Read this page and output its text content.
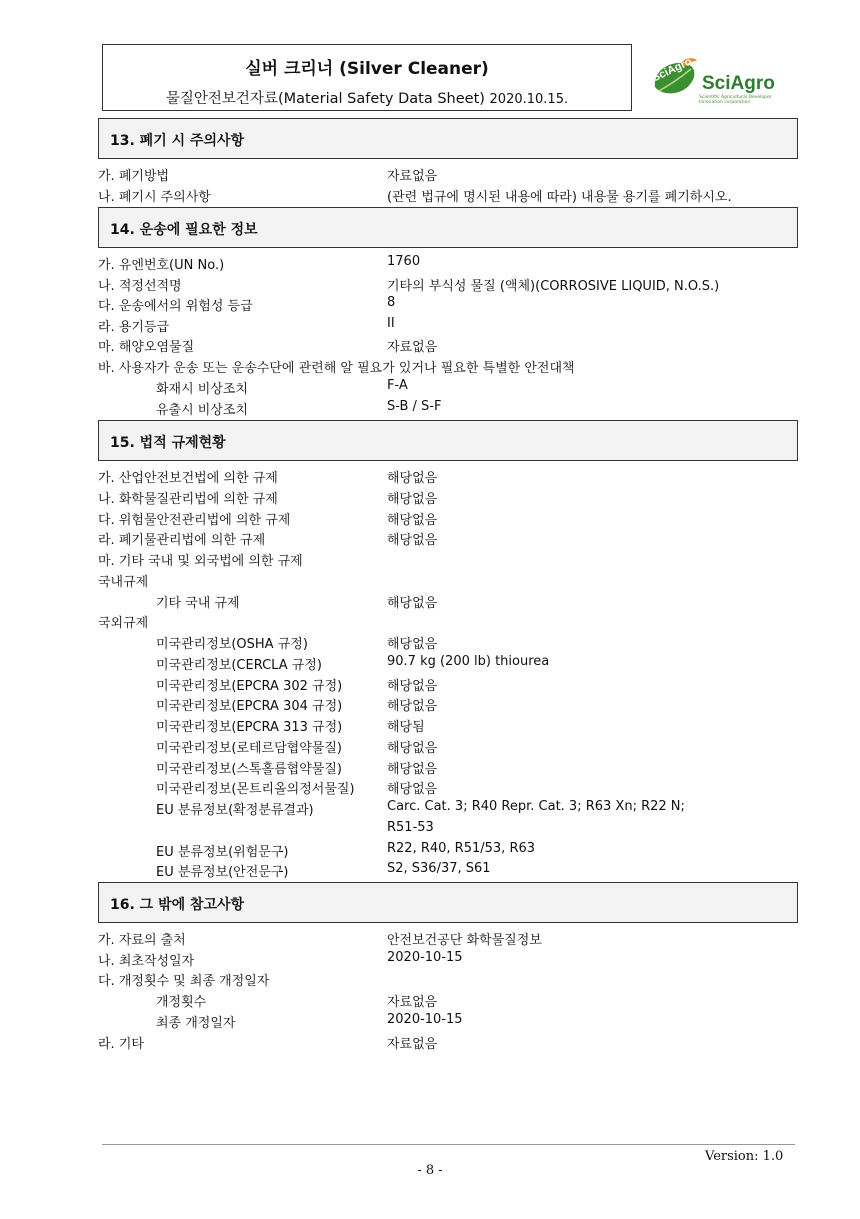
실버 크리너 (Silver Cleaner)
물질안전보건자료(Material Safety Data Sheet) 2020.10.15.
SciAgro SciAgro
Scientific Agricultural Developer Innovation corporation
13. 폐기 시 주의사항
가. 폐기방법	자료없음
나. 폐기시 주의사항	(관련 법규에 명시된 내용에 따라) 내용물 용기를 폐기하시오.
14. 운송에 필요한 정보
가. 유엔번호(UN No.)	1760
나. 적정선적명	기타의 부식성 물질 (액체)(CORROSIVE LIQUID, N.O.S.)
다. 운송에서의 위험성 등급	8
라. 용기등급	II
마. 해양오염물질	자료없음
바. 사용자가 운송 또는 운송수단에 관련해 알 필요가 있거나 필요한 특별한 안전대책
화재시 비상조치	F-A
유출시 비상조치	S-B / S-F
15. 법적 규제현황
가. 산업안전보건법에 의한 규제	해당없음
나. 화학물질관리법에 의한 규제	해당없음
다. 위험물안전관리법에 의한 규제	해당없음
라. 폐기물관리법에 의한 규제	해당없음
마. 기타 국내 및 외국법에 의한 규제
국내규제
기타 국내 규제	해당없음
국외규제
미국관리정보(OSHA 규정)	해당없음
미국관리정보(CERCLA 규정)	90.7 kg (200 lb) thiourea
미국관리정보(EPCRA 302 규정)	해당없음
미국관리정보(EPCRA 304 규정)	해당없음
미국관리정보(EPCRA 313 규정)	해당됨
미국관리정보(로테르담협약물질)	해당없음
미국관리정보(스톡홀름협약물질)	해당없음
미국관리정보(몬트리올의정서물질) 해당없음
EU 분류정보(확정분류결과)	Carc. Cat. 3; R40 Repr. Cat. 3; R63 Xn; R22 N;
R51-53
EU 분류정보(위험문구)	R22, R40, R51/53, R63
EU 분류정보(안전문구)	S2, S36/37, S61
16. 그 밖에 참고사항
가. 자료의 출처	안전보건공단 화학물질정보
나. 최초작성일자	2020-10-15
다. 개정횟수 및 최종 개정일자
개정횟수	자료없음
최종 개정일자	2020-10-15
라. 기타	자료없음
Version: 1.0
- 8 -
